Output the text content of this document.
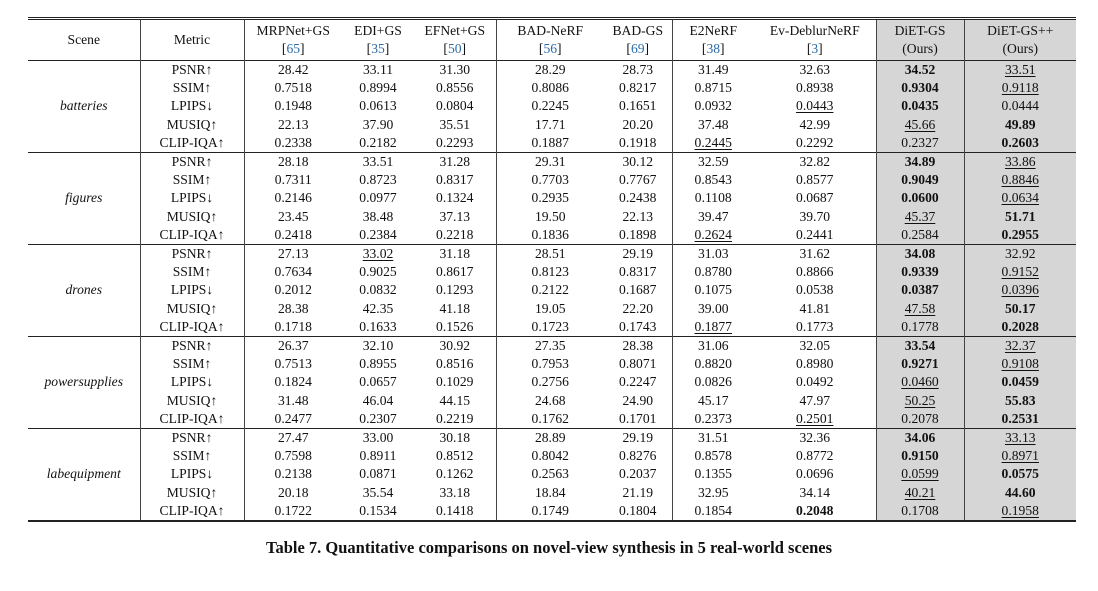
Scene	Metric	MRPNet+GS	EDI+GS	EFNet+GS	BAD-NeRF	BAD-GS	E2NeRF	Ev-DeblurNeRF	DiET-GS	DiET-GS++
		[65]	[35]	[50]	[56]	[69]	[38]	[3]	(Ours)	(Ours)
batteries	PSNR↑	28.42	33.11	31.30	28.29	28.73	31.49	32.63	34.52	33.51
	SSIM↑	0.7518	0.8994	0.8556	0.8086	0.8217	0.8715	0.8938	0.9304	0.9118
	LPIPS↓	0.1948	0.0613	0.0804	0.2245	0.1651	0.0932	0.0443	0.0435	0.0444
	MUSIQ↑	22.13	37.90	35.51	17.71	20.20	37.48	42.99	45.66	49.89
	CLIP-IQA↑	0.2338	0.2182	0.2293	0.1887	0.1918	0.2445	0.2292	0.2327	0.2603
figures	PSNR↑	28.18	33.51	31.28	29.31	30.12	32.59	32.82	34.89	33.86
	SSIM↑	0.7311	0.8723	0.8317	0.7703	0.7767	0.8543	0.8577	0.9049	0.8846
	LPIPS↓	0.2146	0.0977	0.1324	0.2935	0.2438	0.1108	0.0687	0.0600	0.0634
	MUSIQ↑	23.45	38.48	37.13	19.50	22.13	39.47	39.70	45.37	51.71
	CLIP-IQA↑	0.2418	0.2384	0.2218	0.1836	0.1898	0.2624	0.2441	0.2584	0.2955
drones	PSNR↑	27.13	33.02	31.18	28.51	29.19	31.03	31.62	34.08	32.92
	SSIM↑	0.7634	0.9025	0.8617	0.8123	0.8317	0.8780	0.8866	0.9339	0.9152
	LPIPS↓	0.2012	0.0832	0.1293	0.2122	0.1687	0.1075	0.0538	0.0387	0.0396
	MUSIQ↑	28.38	42.35	41.18	19.05	22.20	39.00	41.81	47.58	50.17
	CLIP-IQA↑	0.1718	0.1633	0.1526	0.1723	0.1743	0.1877	0.1773	0.1778	0.2028
powersupplies	PSNR↑	26.37	32.10	30.92	27.35	28.38	31.06	32.05	33.54	32.37
	SSIM↑	0.7513	0.8955	0.8516	0.7953	0.8071	0.8820	0.8980	0.9271	0.9108
	LPIPS↓	0.1824	0.0657	0.1029	0.2756	0.2247	0.0826	0.0492	0.0460	0.0459
	MUSIQ↑	31.48	46.04	44.15	24.68	24.90	45.17	47.97	50.25	55.83
	CLIP-IQA↑	0.2477	0.2307	0.2219	0.1762	0.1701	0.2373	0.2501	0.2078	0.2531
labequipment	PSNR↑	27.47	33.00	30.18	28.89	29.19	31.51	32.36	34.06	33.13
	SSIM↑	0.7598	0.8911	0.8512	0.8042	0.8276	0.8578	0.8772	0.9150	0.8971
	LPIPS↓	0.2138	0.0871	0.1262	0.2563	0.2037	0.1355	0.0696	0.0599	0.0575
	MUSIQ↑	20.18	35.54	33.18	18.84	21.19	32.95	34.14	40.21	44.60
	CLIP-IQA↑	0.1722	0.1534	0.1418	0.1749	0.1804	0.1854	0.2048	0.1708	0.1958
Table 7. Quantitative comparisons on novel-view synthesis in 5 real-world scenes
